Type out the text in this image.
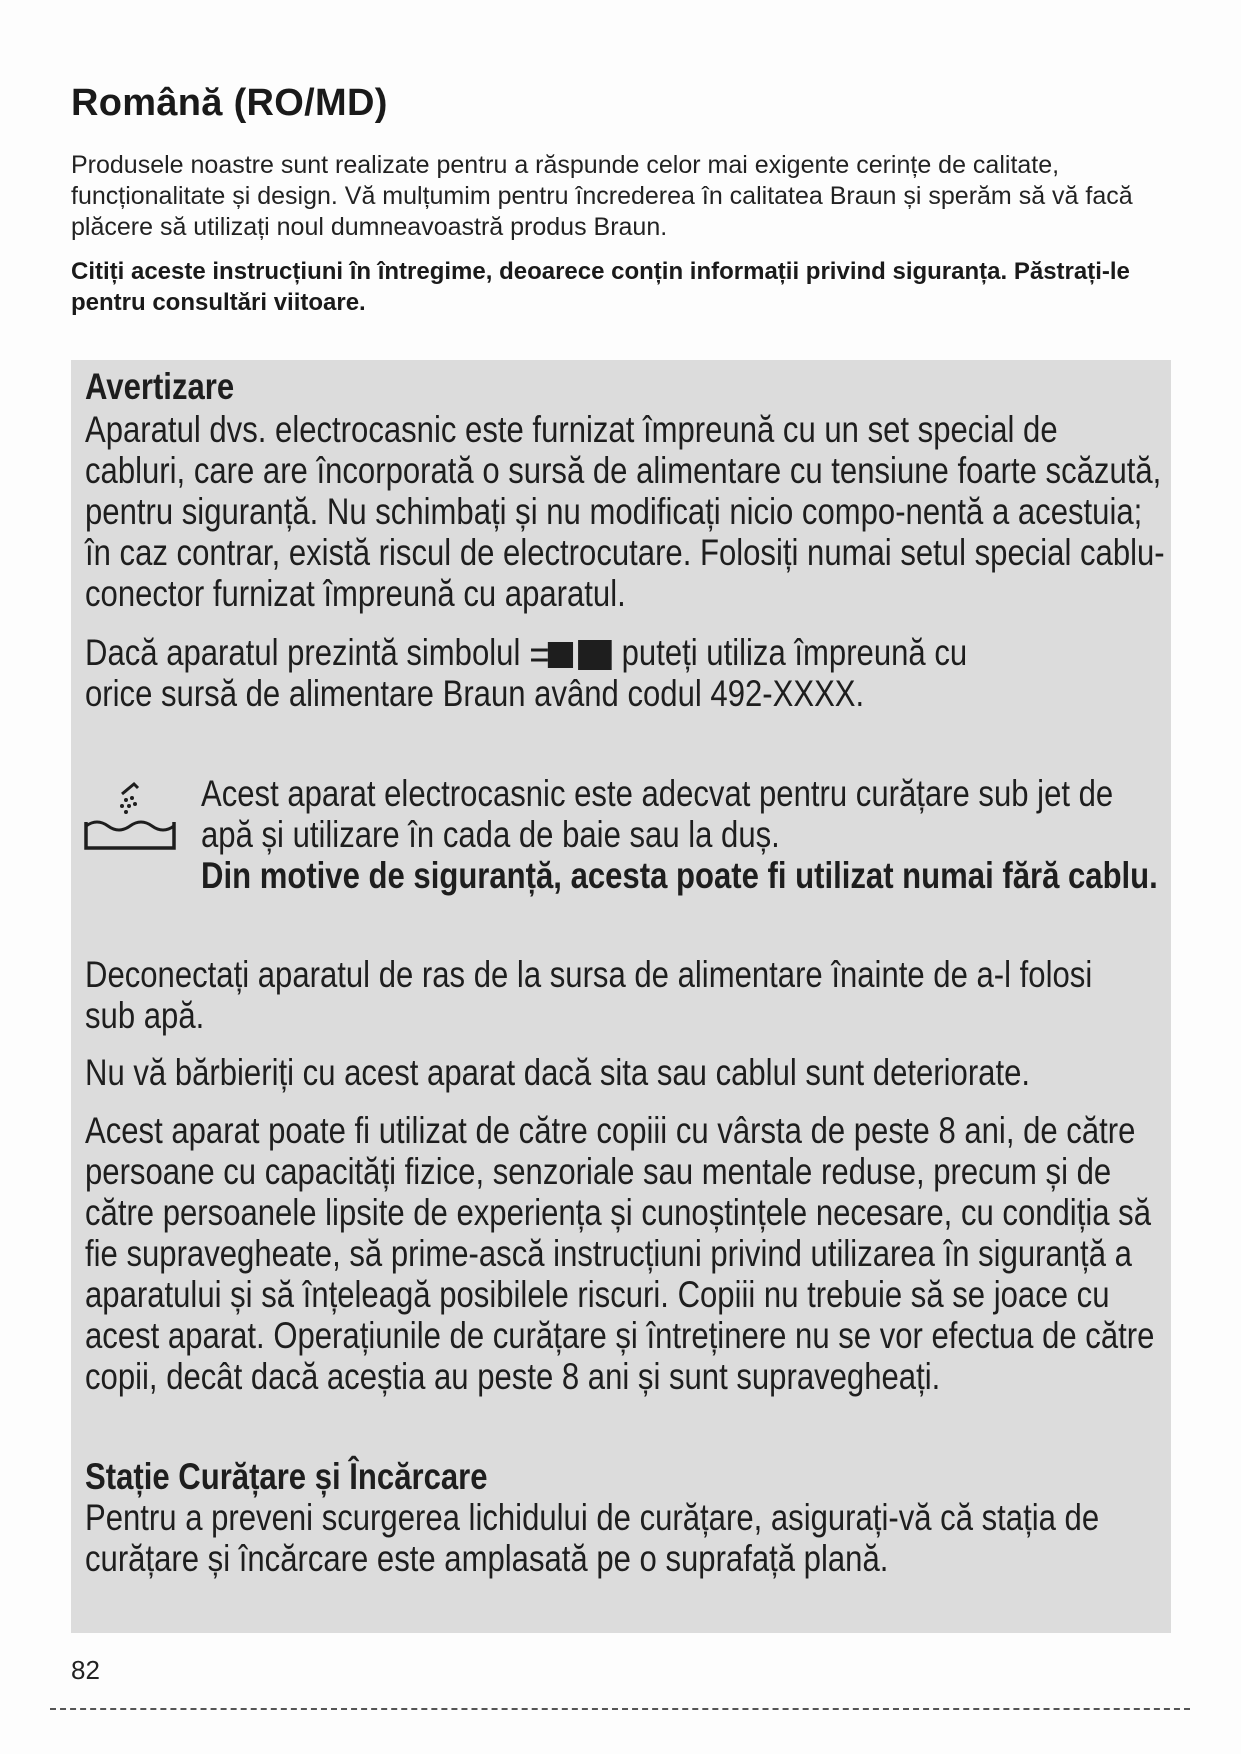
Română (RO/MD)
Produsele noastre sunt realizate pentru a răspunde celor mai exigente cerințe de calitate, funcționalitate și design. Vă mulțumim pentru încrederea în calitatea Braun și sperăm să vă facă plăcere să utilizați noul dumneavoastră produs Braun.
Citiți aceste instrucțiuni în întregime, deoarece conțin informații privind siguranța. Păstrați-le pentru consultări viitoare.

Avertizare

Aparatul dvs. electrocasnic este furnizat împreună cu un set special de cabluri, care are încorporată o sursă de alimentare cu tensiune foarte scăzută, pentru siguranță. Nu schimbați și nu modificați nicio compo-nentă a acestuia; în caz contrar, există riscul de electrocutare. Folosiți numai setul special cablu-conector furnizat împreună cu aparatul.

Dacă aparatul prezintă simbolul	puteți utiliza împreună cu orice sursă de alimentare Braun având codul 492-XXXX.

Acest aparat electrocasnic este adecvat pentru curățare sub jet de apă și utilizare în cada de baie sau la duș.

Din motive de siguranță, acesta poate fi utilizat numai fără cablu.

Deconectați aparatul de ras de la sursa de alimentare înainte de a-l folosi sub apă.

Nu vă bărbieriți cu acest aparat dacă sita sau cablul sunt deteriorate.

Acest aparat poate fi utilizat de către copiii cu vârsta de peste 8 ani, de către persoane cu capacități fizice, senzoriale sau mentale reduse, precum și de către persoanele lipsite de experiența și cunoștințele necesare, cu condiția să fie supravegheate, să prime-ască instrucțiuni privind utilizarea în siguranță a aparatului și să înțeleagă posibilele riscuri. Copiii nu trebuie să se joace cu acest aparat. Operațiunile de curățare și întreținere nu se vor efectua de către copii, decât dacă aceștia au peste 8 ani și sunt supravegheați.

Stație Curățare și Încărcare

Pentru a preveni scurgerea lichidului de curățare, asigurați-vă că stația de curățare și încărcare este amplasată pe o suprafață plană.

82
